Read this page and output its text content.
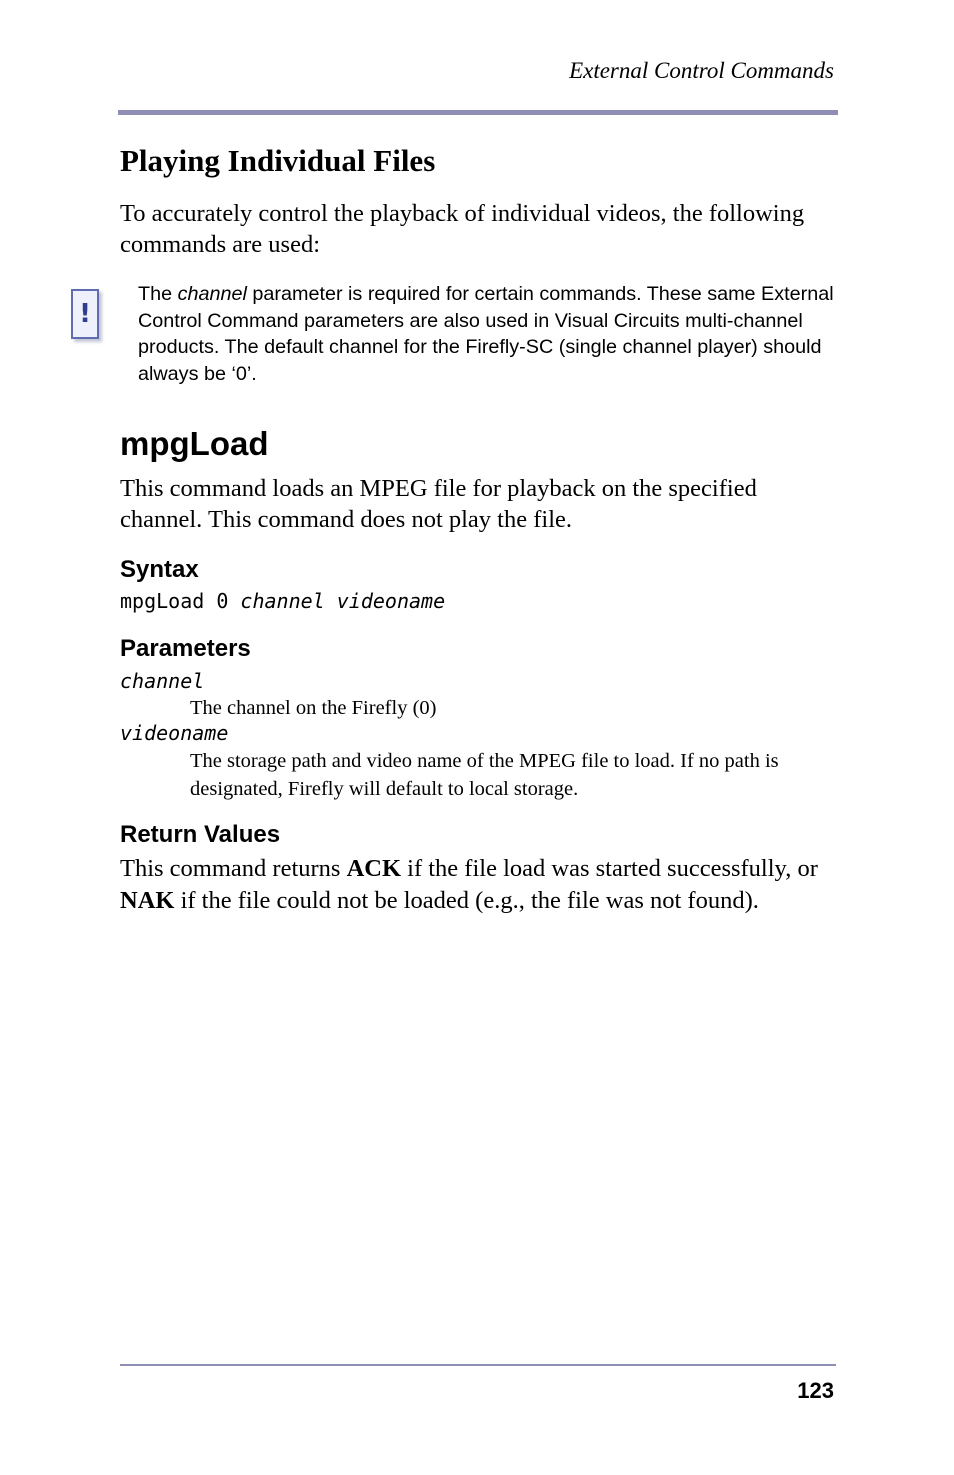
External Control Commands
Playing Individual Files

To accurately control the playback of individual videos, the following commands are used:

!

The channel parameter is required for certain commands. These same External Control Command parameters are also used in Visual Circuits multi-channel products. The default channel for the Firefly-SC (single channel player) should always be ‘0’.

mpgLoad

This command loads an MPEG file for playback on the specified channel. This command does not play the file.

Syntax

mpgLoad 0 channel videoname

Parameters

channel

The channel on the Firefly (0)

videoname

The storage path and video name of the MPEG file to load. If no path is designated, Firefly will default to local storage.

Return Values

This command returns ACK if the file load was started successfully, or NAK if the file could not be loaded (e.g., the file was not found).

123
